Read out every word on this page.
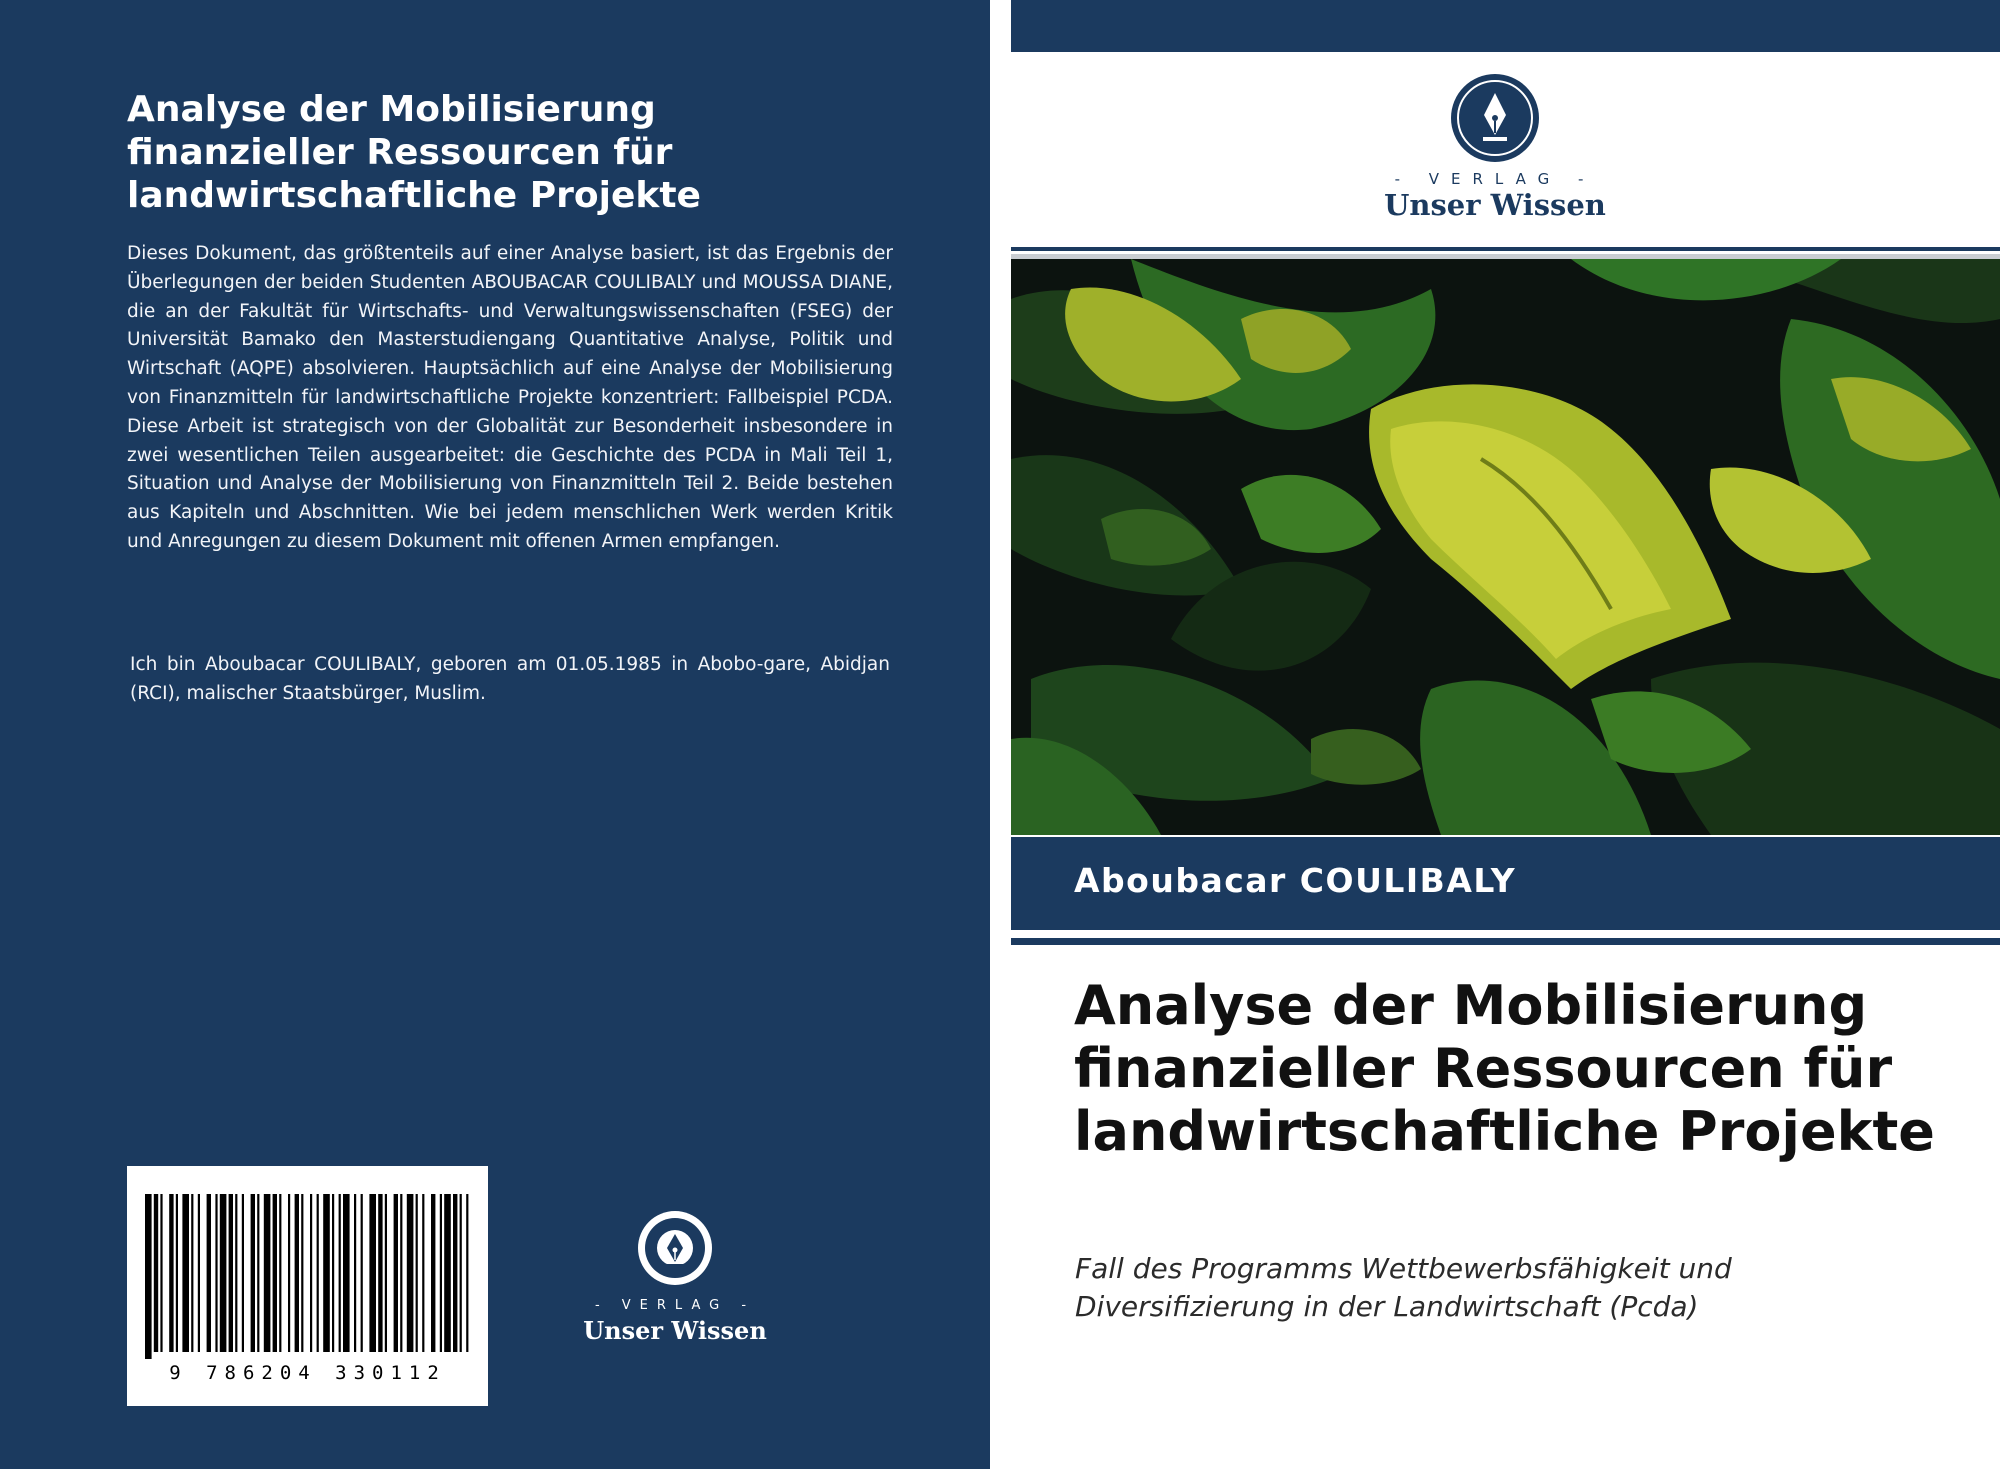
Analyse der Mobilisierung finanzieller Ressourcen für landwirtschaftliche Projekte

Dieses Dokument, das größtenteils auf einer Analyse basiert, ist das Ergebnis der Überlegungen der beiden Studenten ABOUBACAR COULIBALY und MOUSSA DIANE, die an der Fakultät für Wirtschafts- und Verwaltungswissenschaften (FSEG) der Universität Bamako den Masterstudiengang Quantitative Analyse, Politik und Wirtschaft (AQPE) absolvieren. Hauptsächlich auf eine Analyse der Mobilisierung von Finanzmitteln für landwirtschaftliche Projekte konzentriert: Fallbeispiel PCDA. Diese Arbeit ist strategisch von der Globalität zur Besonderheit insbesondere in zwei wesentlichen Teilen ausgearbeitet: die Geschichte des PCDA in Mali Teil 1, Situation und Analyse der Mobilisierung von Finanzmitteln Teil 2. Beide bestehen aus Kapiteln und Abschnitten. Wie bei jedem menschlichen Werk werden Kritik und Anregungen zu diesem Dokument mit offenen Armen empfangen.

Ich bin Aboubacar COULIBALY, geboren am 01.05.1985 in Abobo-gare, Abidjan (RCI), malischer Staatsbürger, Muslim.

9 786204 330112
- VERLAG -
Unser Wissen
- VERLAG -
Unser Wissen
Aboubacar COULIBALY
Analyse der Mobilisierung finanzieller Ressourcen für landwirtschaftliche Projekte

Fall des Programms Wettbewerbsfähigkeit und Diversifizierung in der Landwirtschaft (Pcda)
